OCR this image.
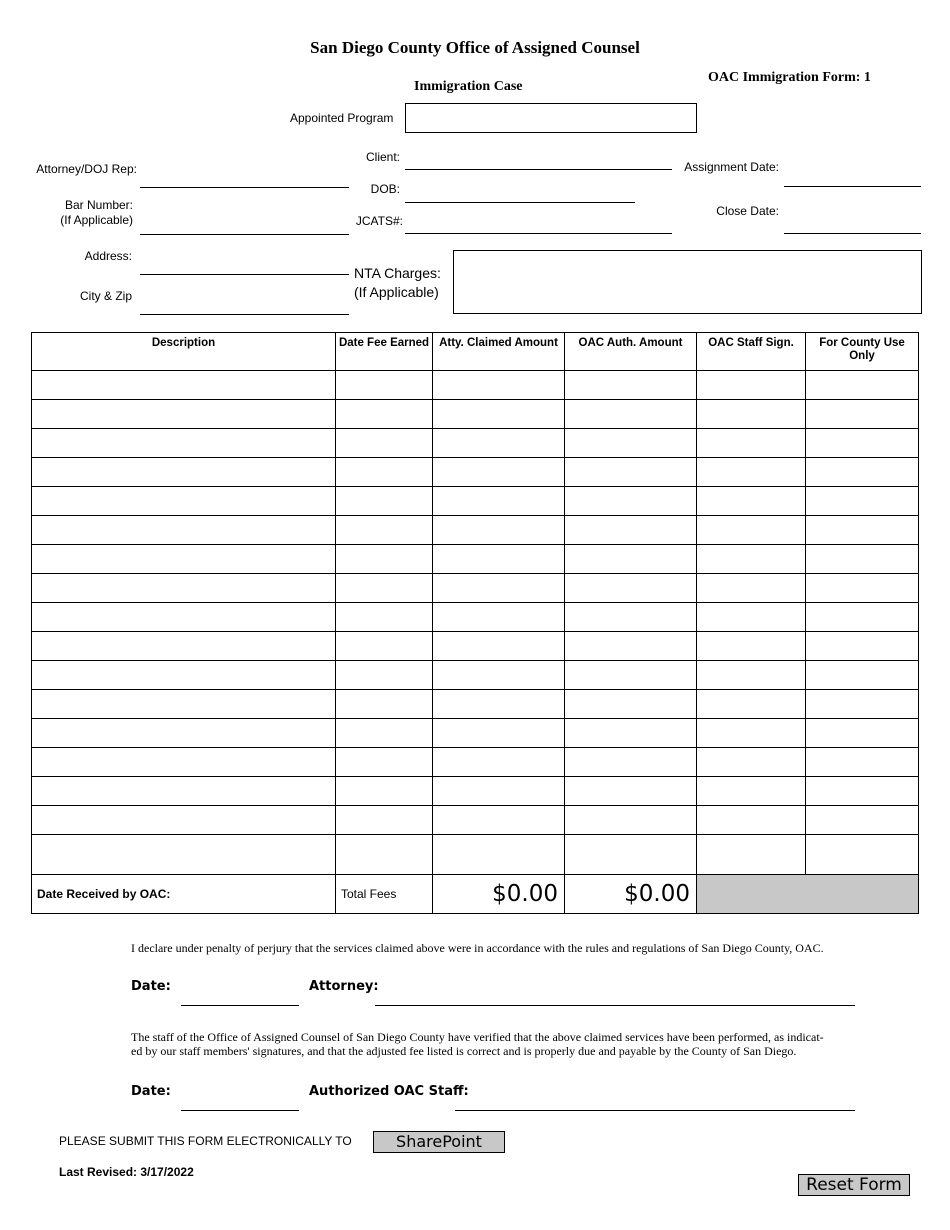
San Diego County Office of Assigned Counsel
Immigration Case
OAC Immigration Form: 1
Appointed Program
Attorney/DOJ Rep:
Bar Number:
(If Applicable)
Address:
City & Zip
Client:
DOB:
JCATS#:
Assignment Date:
Close Date:
NTA Charges:
(If Applicable)
Description	Date Fee Earned	Atty. Claimed Amount	OAC Auth. Amount	OAC Staff Sign.	For County Use Only

Date Received by OAC:	Total Fees	$0.00	$0.00		
I declare under penalty of perjury that the services claimed above were in accordance with the rules and regulations of San Diego County, OAC.
Date:	Attorney:
The staff of the Office of Assigned Counsel of San Diego County have verified that the above claimed services have been performed, as indicat-
ed by our staff members' signatures, and that the adjusted fee listed is correct and is properly due and payable by the County of San Diego.
Date:	Authorized OAC Staff:
PLEASE SUBMIT THIS FORM ELECTRONICALLY TO	SharePoint
Last Revised: 3/17/2022
Reset Form
